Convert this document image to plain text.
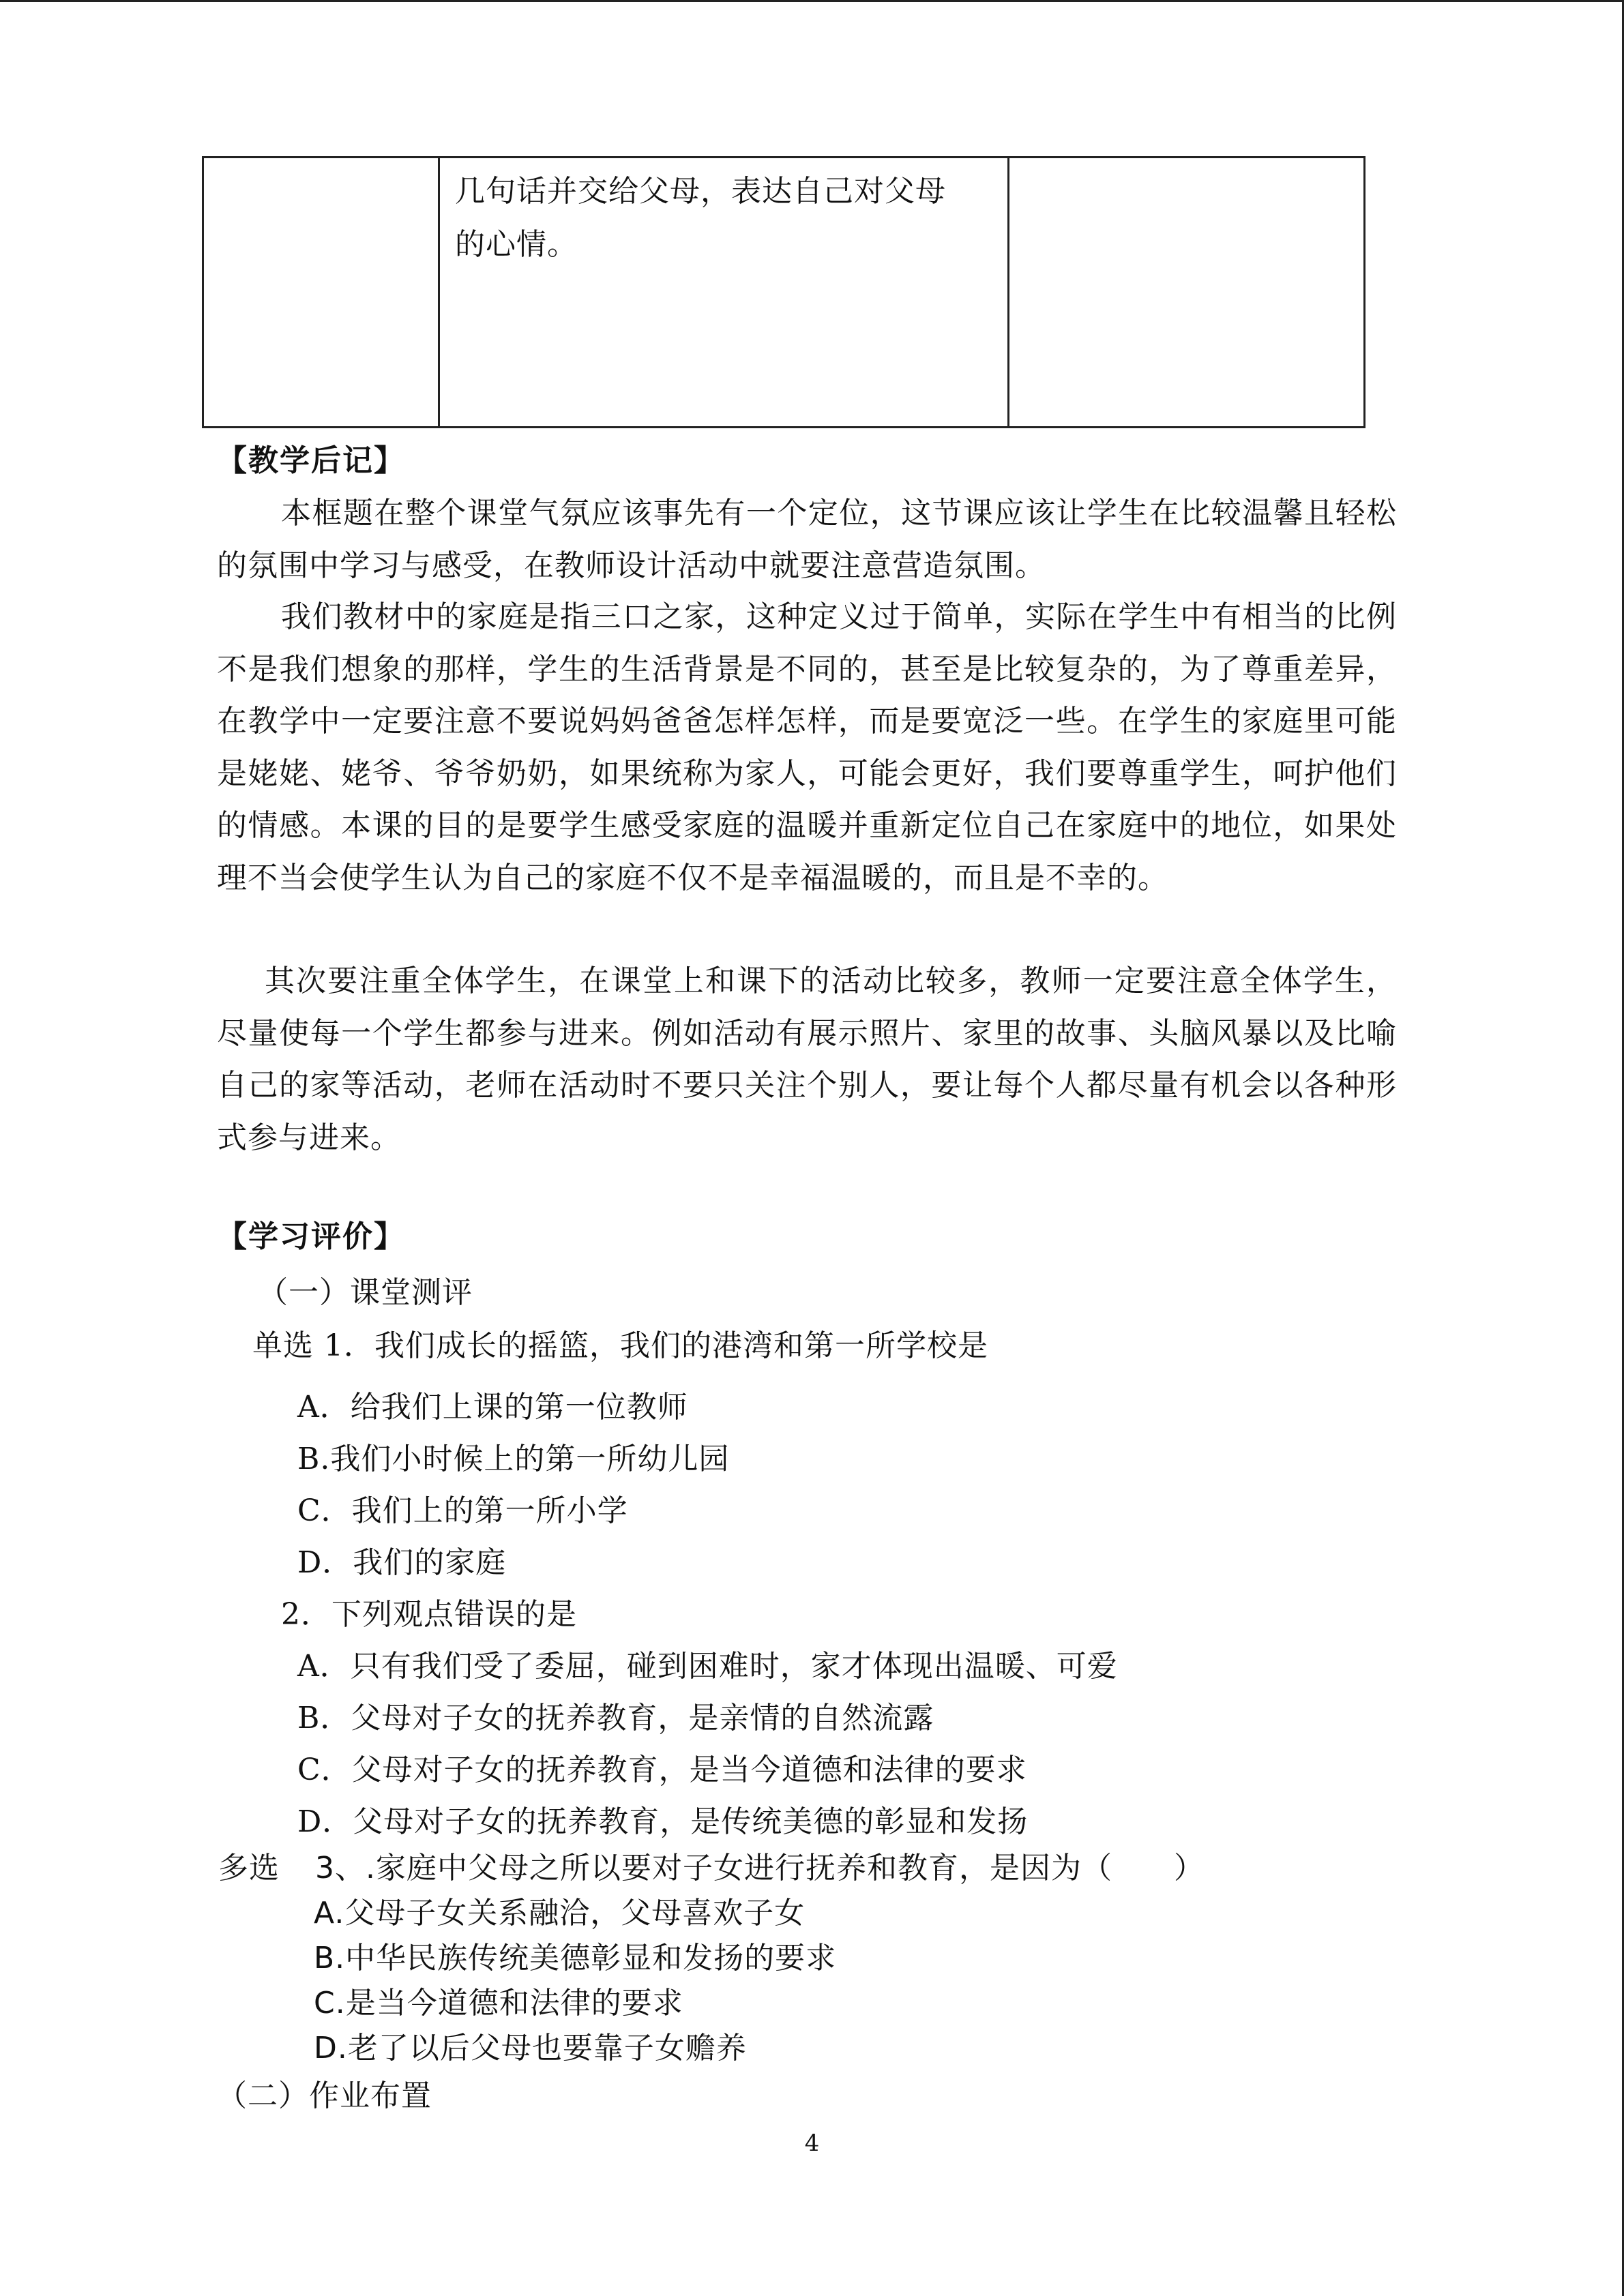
几句话并交给父母，表达自己对父母
的心情。
【教学后记】
本框题在整个课堂气氛应该事先有一个定位，这节课应该让学生在比较温馨且轻松的氛围中学习与感受，在教师设计活动中就要注意营造氛围。
我们教材中的家庭是指三口之家，这种定义过于简单，实际在学生中有相当的比例不是我们想象的那样，学生的生活背景是不同的，甚至是比较复杂的，为了尊重差异，在教学中一定要注意不要说妈妈爸爸怎样怎样，而是要宽泛一些。在学生的家庭里可能是姥姥、姥爷、爷爷奶奶，如果统称为家人，可能会更好，我们要尊重学生，呵护他们的情感。本课的目的是要学生感受家庭的温暖并重新定位自己在家庭中的地位，如果处理不当会使学生认为自己的家庭不仅不是幸福温暖的，而且是不幸的。
其次要注重全体学生，在课堂上和课下的活动比较多，教师一定要注意全体学生，尽量使每一个学生都参与进来。例如活动有展示照片、家里的故事、头脑风暴以及比喻自己的家等活动，老师在活动时不要只关注个别人，要让每个人都尽量有机会以各种形式参与进来。
【学习评价】
（一）课堂测评
单选 1．我们成长的摇篮，我们的港湾和第一所学校是
A．给我们上课的第一位教师
B.我们小时候上的第一所幼儿园
C．我们上的第一所小学
D．我们的家庭
2．下列观点错误的是
A．只有我们受了委屈，碰到困难时，家才体现出温暖、可爱
B．父母对子女的抚养教育，是亲情的自然流露
C．父母对子女的抚养教育，是当今道德和法律的要求
D．父母对子女的抚养教育，是传统美德的彰显和发扬
多选 3、.家庭中父母之所以要对子女进行抚养和教育，是因为（　　）
A.父母子女关系融洽，父母喜欢子女
B.中华民族传统美德彰显和发扬的要求
C.是当今道德和法律的要求
D.老了以后父母也要靠子女赡养
（二）作业布置
4
